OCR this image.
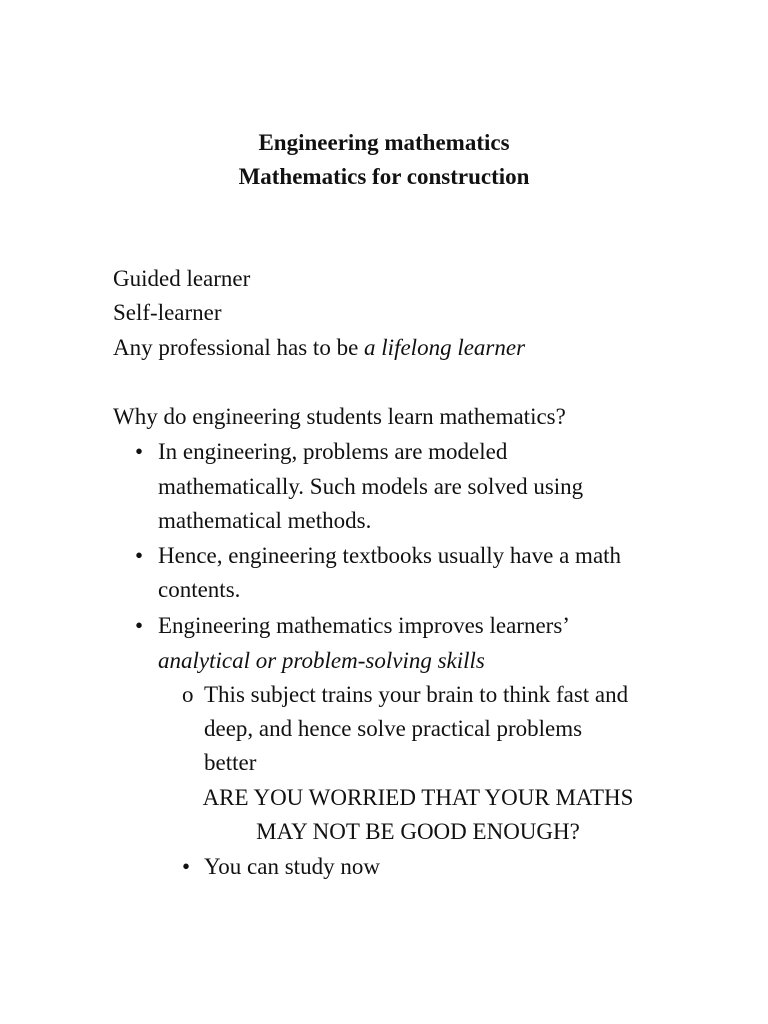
Engineering mathematics
Mathematics for construction

Guided learner

Self-learner

Any professional has to be a lifelong learner

Why do engineering students learn mathematics?

• In engineering, problems are modeled
mathematically. Such models are solved using
mathematical methods.
• Hence, engineering textbooks usually have a math
contents.
• Engineering mathematics improves learners’
analytical or problem-solving skills
o This subject trains your brain to think fast and
deep, and hence solve practical problems
better
ARE YOU WORRIED THAT YOUR MATHS
MAY NOT BE GOOD ENOUGH?
• You can study now
